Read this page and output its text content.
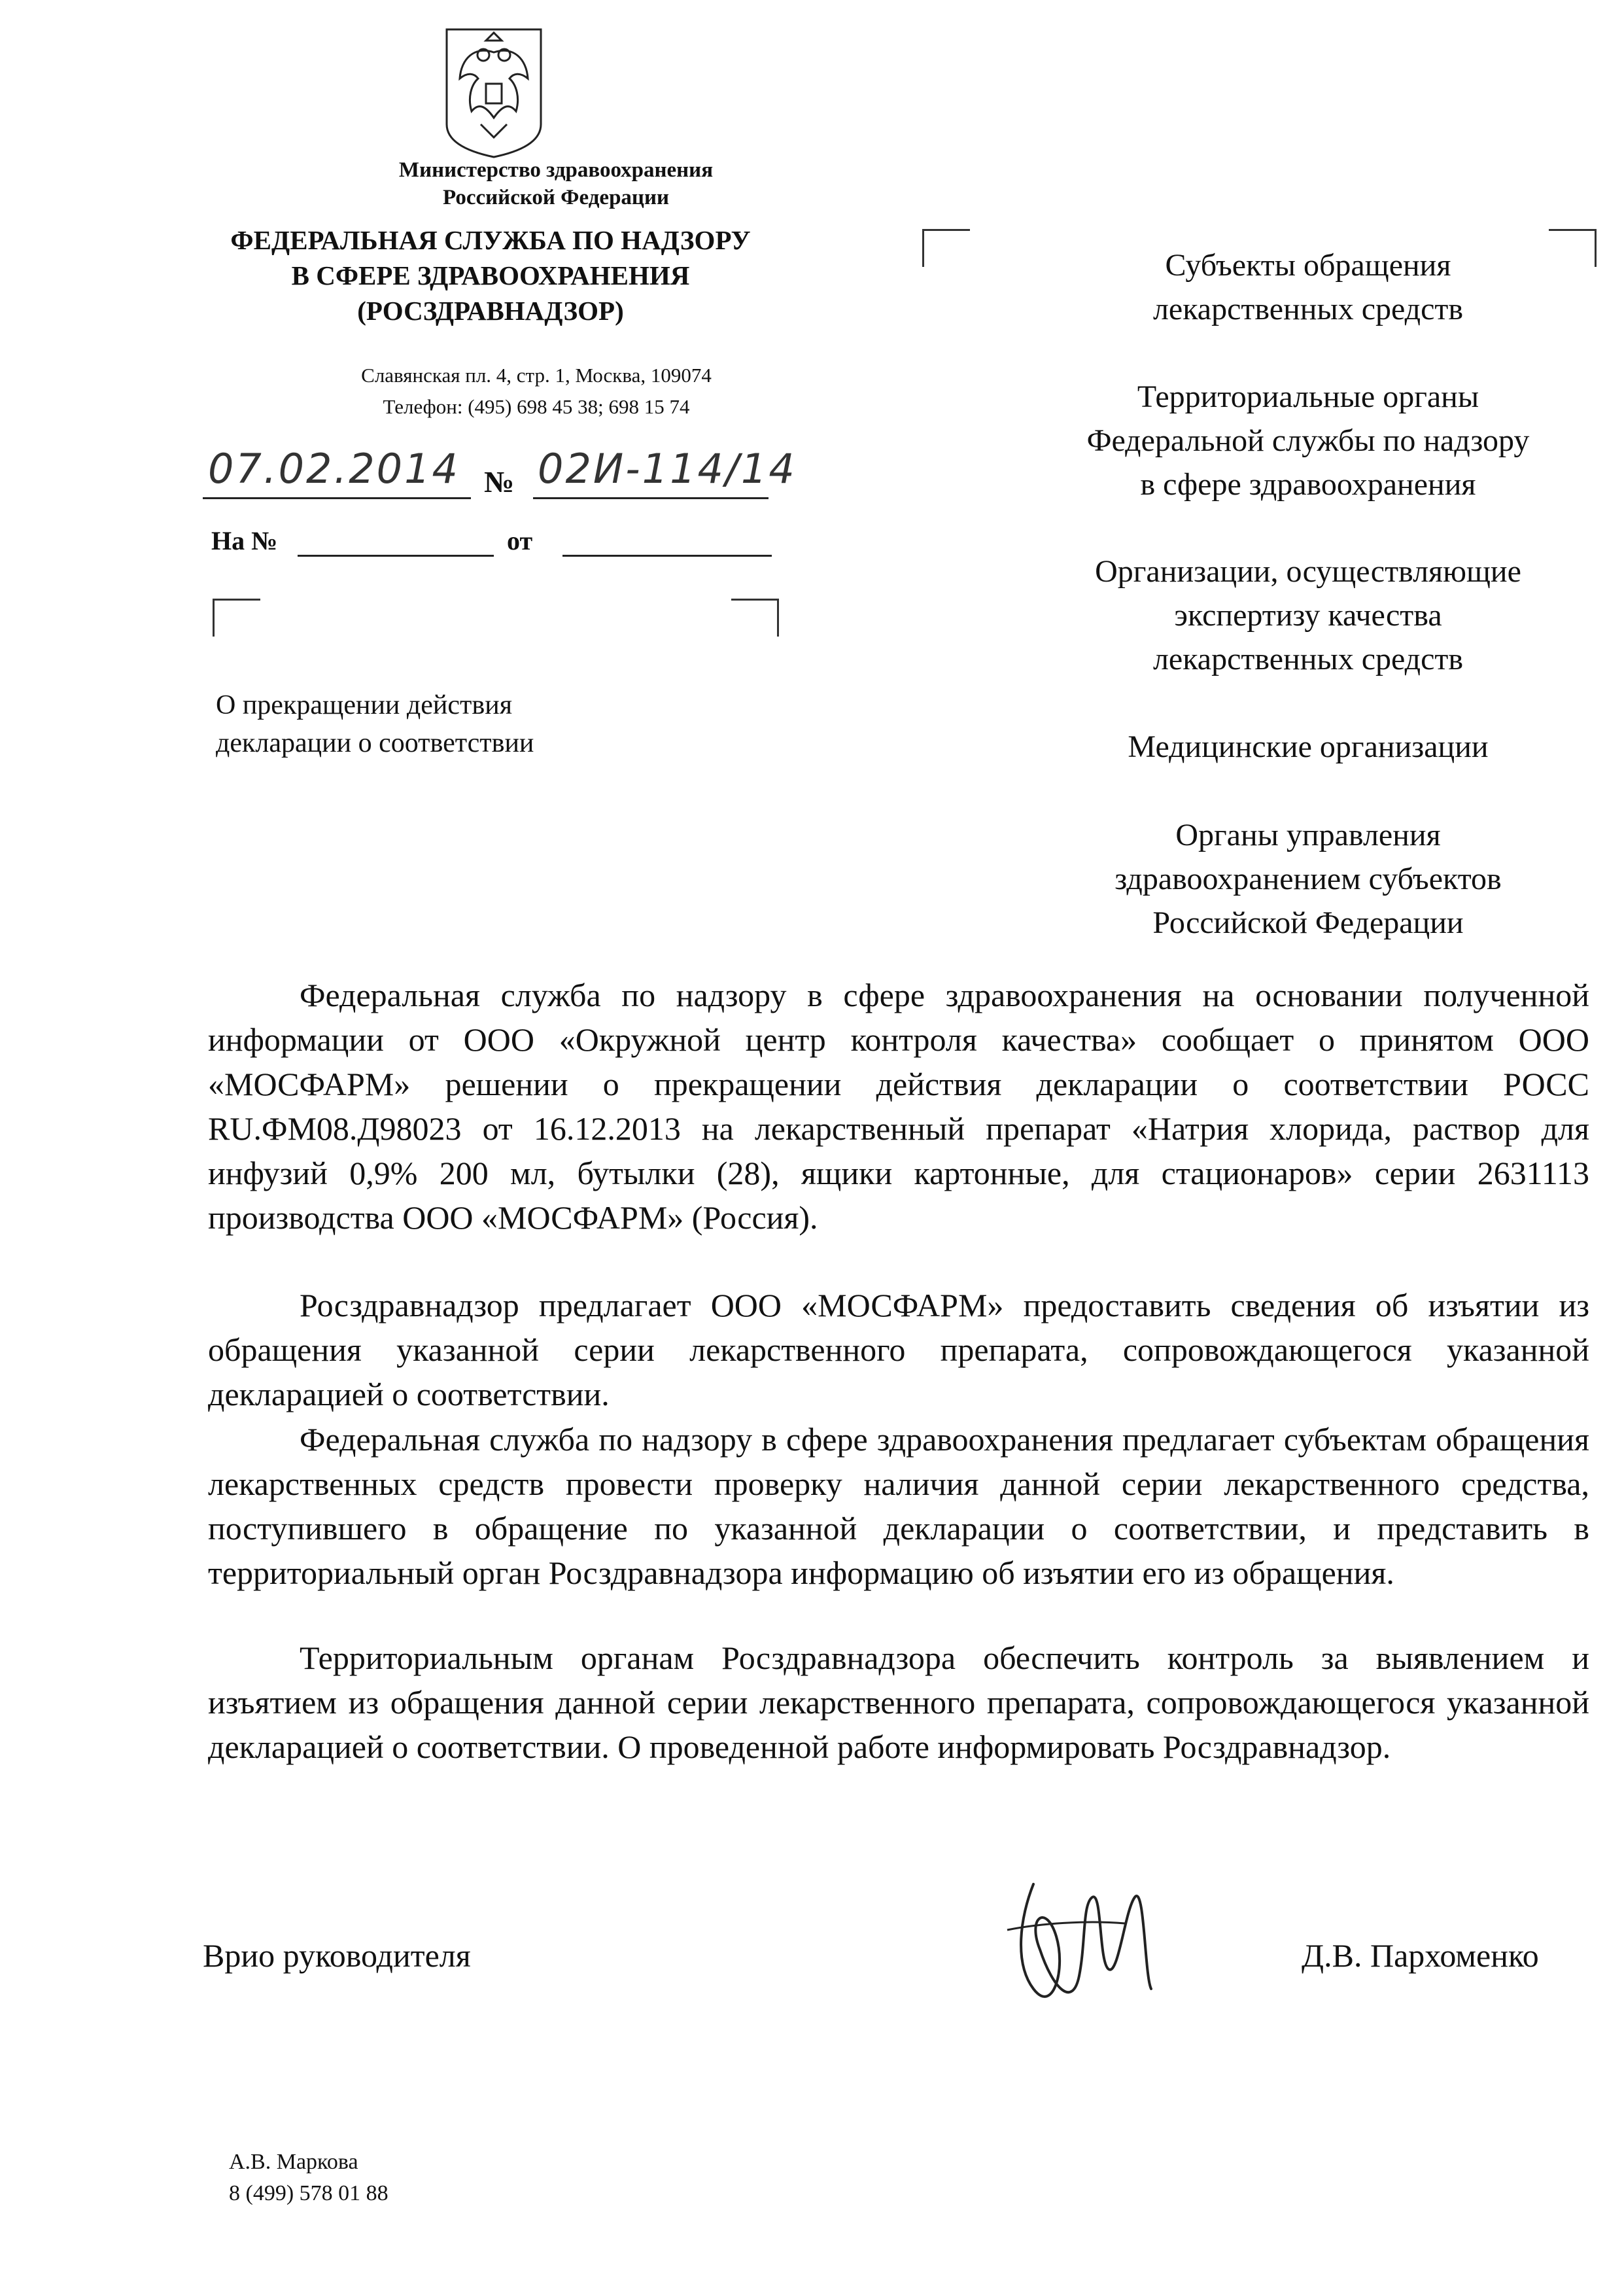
Министерство здравоохранения
Российской Федерации
ФЕДЕРАЛЬНАЯ СЛУЖБА ПО НАДЗОРУ
В СФЕРЕ ЗДРАВООХРАНЕНИЯ
(РОСЗДРАВНАДЗОР)
Славянская пл. 4, стр. 1, Москва, 109074
Телефон: (495) 698 45 38; 698 15 74
07.02.2014 № 02И-114/14
На №	от
О прекращении действия
декларации о соответствии
Субъекты обращения
лекарственных средств
Территориальные органы
Федеральной службы по надзору
в сфере здравоохранения
Организации, осуществляющие
экспертизу качества
лекарственных средств
Медицинские организации
Органы управления
здравоохранением субъектов
Российской Федерации
Федеральная служба по надзору в сфере здравоохранения на основании полученной информации от ООО «Окружной центр контроля качества» сообщает о принятом ООО «МОСФАРМ» решении о прекращении действия декларации о соответствии РОСС RU.ФМ08.Д98023 от 16.12.2013 на лекарственный препарат «Натрия хлорида, раствор для инфузий 0,9% 200 мл, бутылки (28), ящики картонные, для стационаров» серии 2631113 производства ООО «МОСФАРМ» (Россия).
Росздравнадзор предлагает ООО «МОСФАРМ» предоставить сведения об изъятии из обращения указанной серии лекарственного препарата, сопровождающегося указанной декларацией о соответствии.
Федеральная служба по надзору в сфере здравоохранения предлагает субъектам обращения лекарственных средств провести проверку наличия данной серии лекарственного средства, поступившего в обращение по указанной декларации о соответствии, и представить в территориальный орган Росздравнадзора информацию об изъятии его из обращения.
Территориальным органам Росздравнадзора обеспечить контроль за выявлением и изъятием из обращения данной серии лекарственного препарата, сопровождающегося указанной декларацией о соответствии. О проведенной работе информировать Росздравнадзор.
Врио руководителя	Д.В. Пархоменко
А.В. Маркова
8 (499) 578 01 88
